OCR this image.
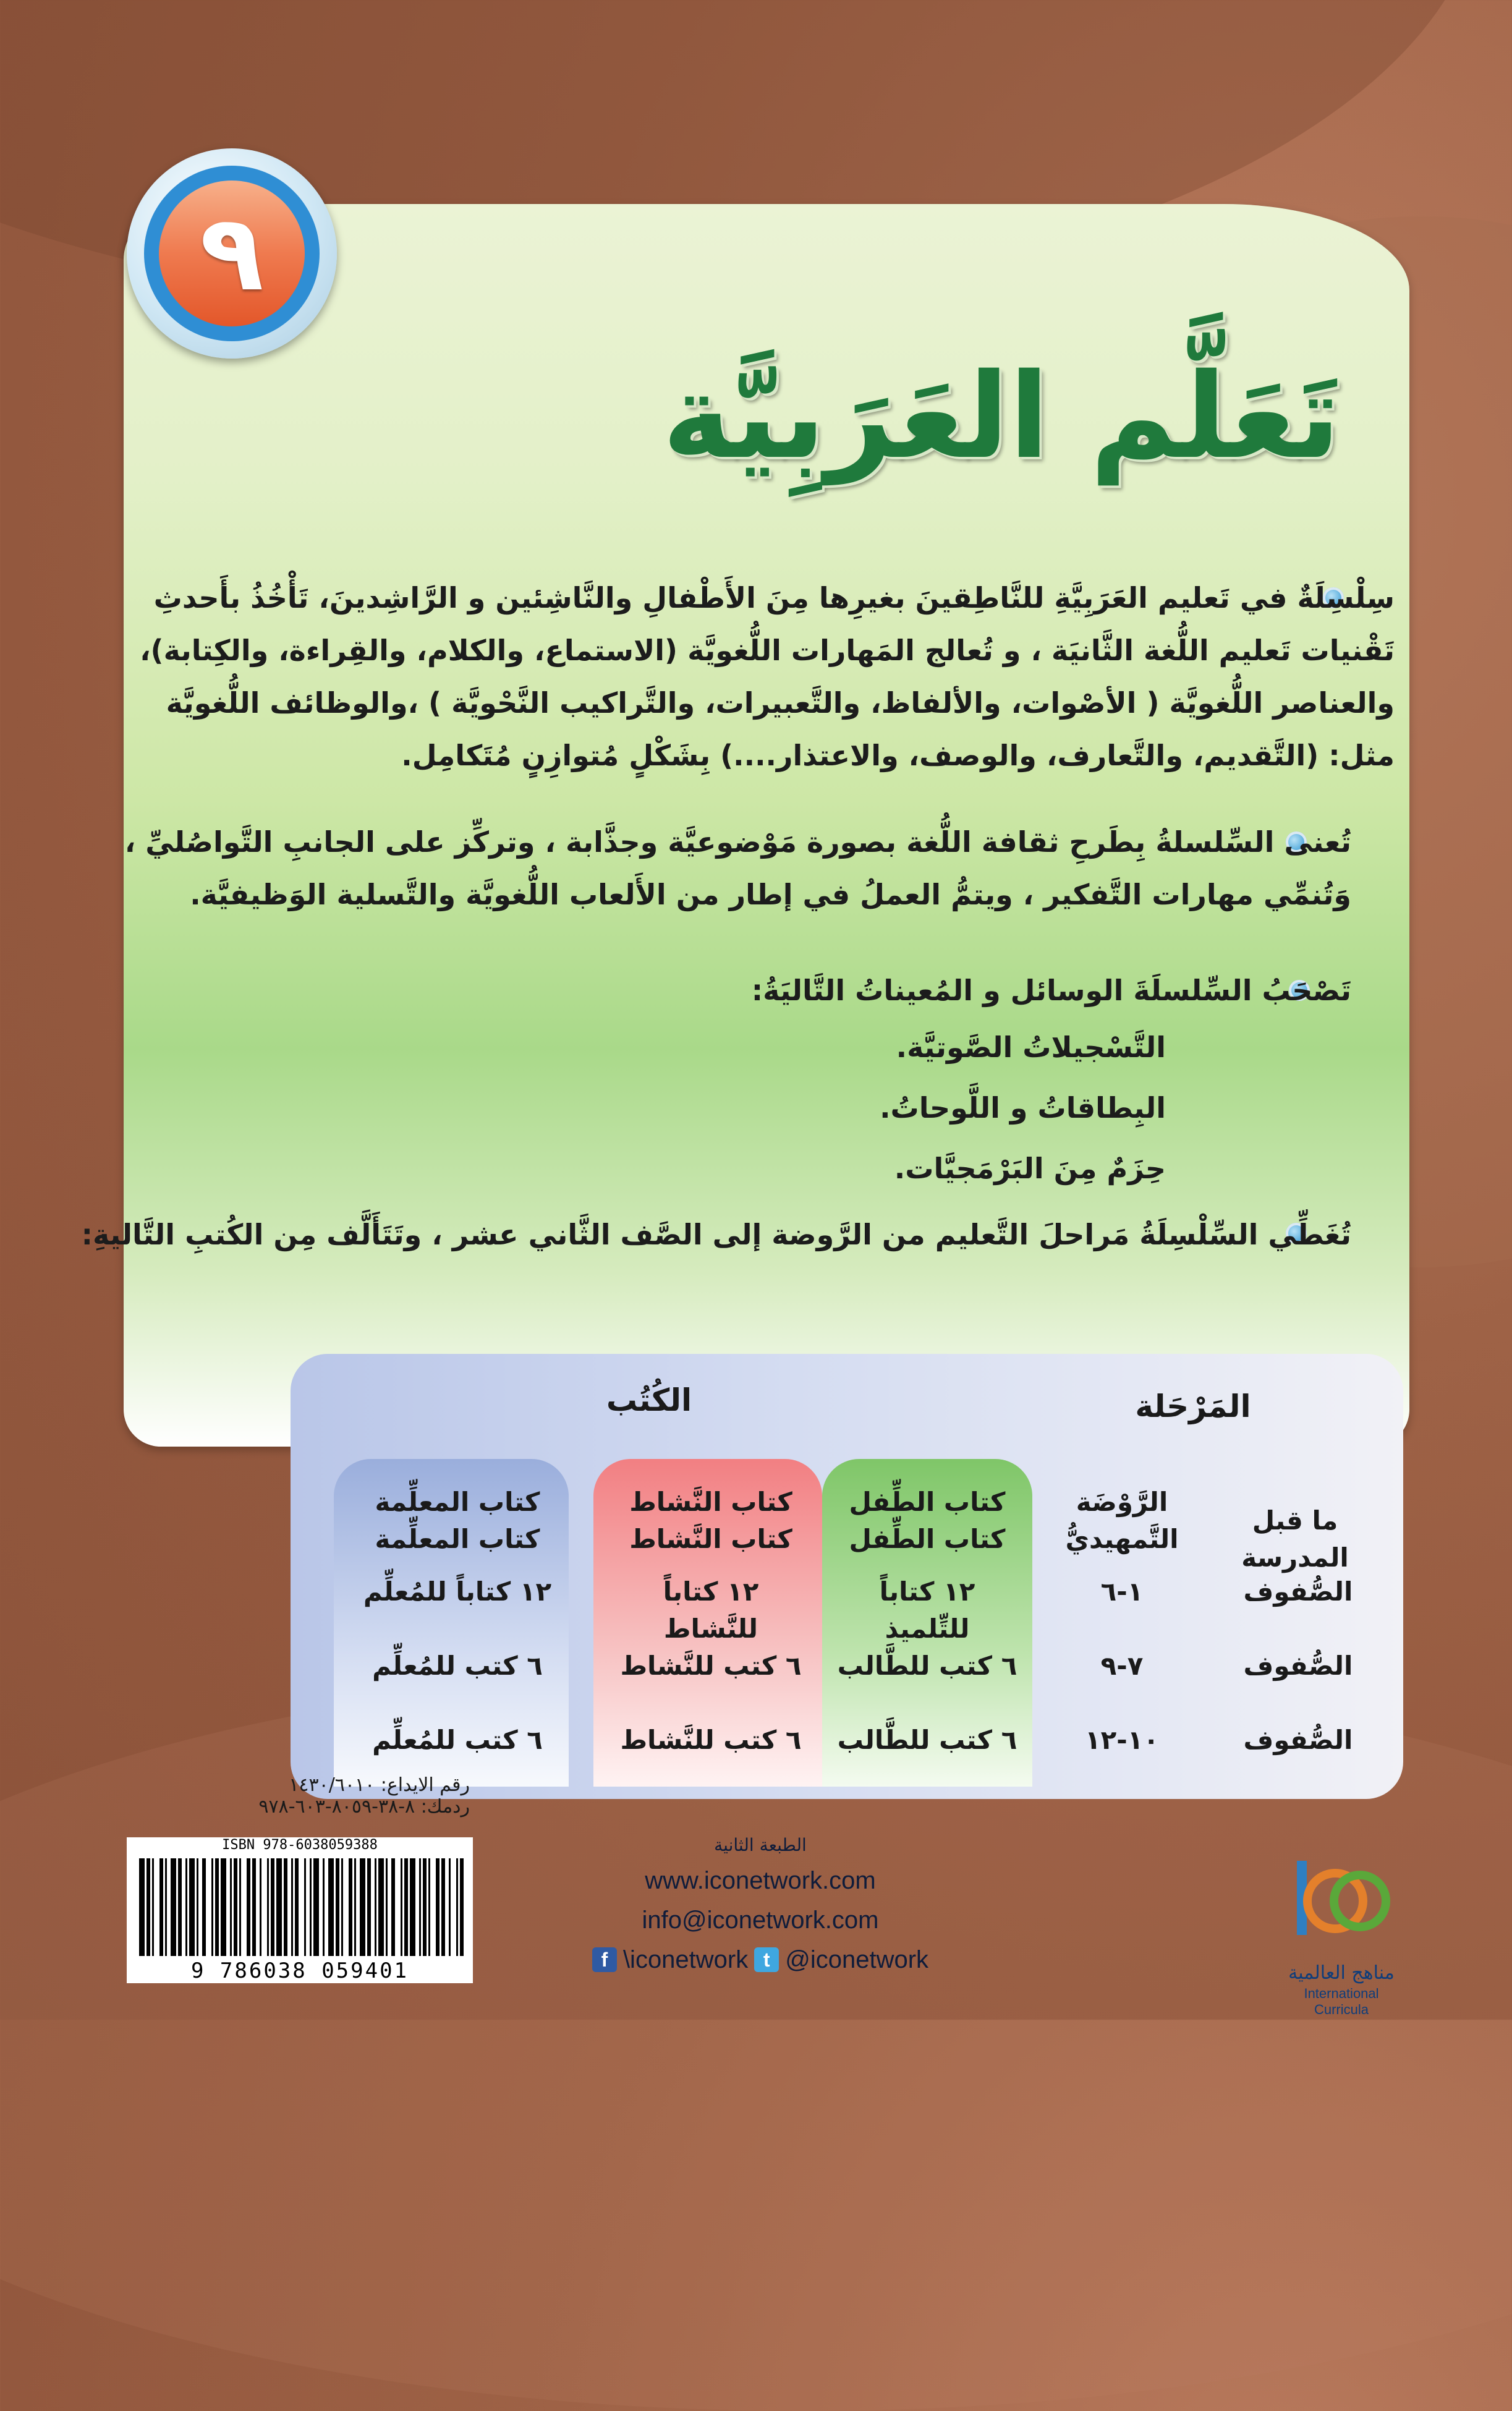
٩
تَعَلَّم العَرَبِيَّة
سِلْسِلَةٌ في تَعليم العَرَبِيَّةِ للنَّاطِقينَ بغيرِها مِنَ الأَطْفالِ والنَّاشِئين و الرَّاشِدينَ، تَأْخُذُ بأَحدثِ
تَقْنيات تَعليم اللُّغة الثَّانيَة ، و تُعالج المَهارات اللُّغويَّة (الاستماع، والكلام، والقِراءة، والكِتابة)،
والعناصر اللُّغويَّة ( الأصْوات، والألفاظ، والتَّعبيرات، والتَّراكيب النَّحْويَّة ) ،والوظائف اللُّغويَّة
مثل: (التَّقديم، والتَّعارف، والوصف، والاعتذار....) بِشَكْلٍ مُتوازِنٍ مُتَكامِل.
تُعنى السِّلسلةُ بِطَرحِ ثقافة اللُّغة بصورة مَوْضوعيَّة وجذَّابة ، وتركِّز على الجانبِ التَّواصُليِّ ،
وَتُنمِّي مهارات التَّفكير ، ويتمُّ العملُ في إطار من الأَلعاب اللُّغويَّة والتَّسلية الوَظيفيَّة.
تَصْحَبُ السِّلسلَةَ الوسائل و المُعيناتُ التَّاليَةُ:
التَّسْجيلاتُ الصَّوتيَّة.
البِطاقاتُ و اللَّوحاتُ.
حِزَمٌ مِنَ البَرْمَجيَّات.
تُغَطِّي السِّلْسِلَةُ مَراحلَ التَّعليم من الرَّوضة إلى الصَّف الثَّاني عشر ، وتَتَأَلَّف مِن الكُتبِ التَّاليةِ:
المَرْحَلة
الكُتُب
ما قبل المدرسة
الرَّوْضَة
التَّمهيديُّ
كتاب الطِّفل
كتاب الطِّفل
كتاب النَّشاط
كتاب النَّشاط
كتاب المعلِّمة
كتاب المعلِّمة
الصُّفوف
١-٦
١٢ كتاباً للتِّلميذ
١٢ كتاباً للنَّشاط
١٢ كتاباً للمُعلِّم
الصُّفوف
٧-٩
٦ كتب للطَّالب
٦ كتب للنَّشاط
٦ كتب للمُعلِّم
الصُّفوف
١٠-١٢
٦ كتب للطَّالب
٦ كتب للنَّشاط
٦ كتب للمُعلِّم
رقم الايداع: ١٤٣٠/٦٠١٠
ردمك: ٨-٣٨-٨٠٥٩-٦٠٣-٩٧٨
ISBN 978-6038059388
9 786038 059401
الطبعة الثانية
www.iconetwork.com
info@iconetwork.com
f \iconetwork t @iconetwork	مناهج العالمية
International Curricula
